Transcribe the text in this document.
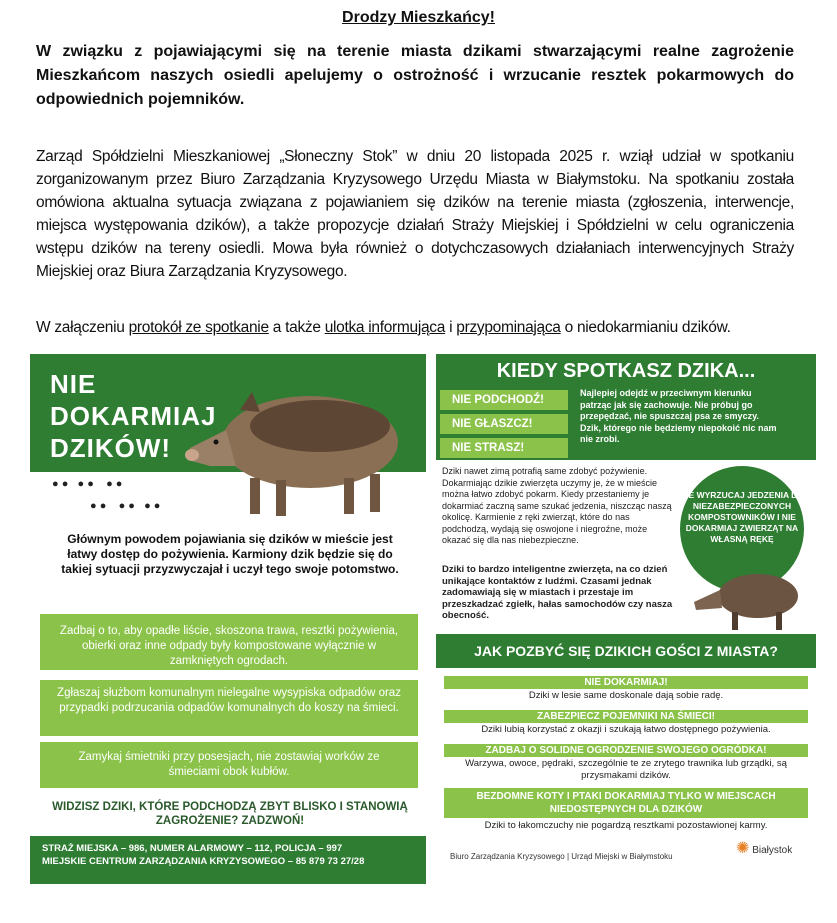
Drodzy Mieszkańcy!
W związku z pojawiającymi się na terenie miasta dzikami stwarzającymi realne zagrożenie Mieszkańcom naszych osiedli apelujemy o ostrożność i wrzucanie resztek pokarmowych do odpowiednich pojemników.
Zarząd Spółdzielni Mieszkaniowej „Słoneczny Stok” w dniu 20 listopada 2025 r. wziął udział w spotkaniu zorganizowanym przez Biuro Zarządzania Kryzysowego Urzędu Miasta w Białymstoku. Na spotkaniu została omówiona aktualna sytuacja związana z pojawianiem się dzików na terenie miasta (zgłoszenia, interwencje, miejsca występowania dzików), a także propozycje działań Straży Miejskiej i Spółdzielni w celu ograniczenia wstępu dzików na tereny osiedli. Mowa była również o dotychczasowych działaniach interwencyjnych Straży Miejskiej oraz Biura Zarządzania Kryzysowego.
W załączeniu protokół ze spotkanie a także ulotka informująca i przypominająca o niedokarmianiu dzików.
NIE
DOKARMIAJ
DZIKÓW!
● ●   ● ●    ● ●
● ●    ● ●   ● ●
Głównym powodem pojawiania się dzików w mieście jest łatwy dostęp do pożywienia. Karmiony dzik będzie się do takiej sytuacji przyzwyczajał i uczył tego swoje potomstwo.
Zadbaj o to, aby opadłe liście, skoszona trawa, resztki pożywienia, obierki oraz inne odpady były kompostowane wyłącznie w zamkniętych ogrodach.
Zgłaszaj służbom komunalnym nielegalne wysypiska odpadów oraz przypadki podrzucania odpadów komunalnych do koszy na śmieci.
Zamykaj śmietniki przy posesjach, nie zostawiaj worków ze śmieciami obok kubłów.
WIDZISZ DZIKI, KTÓRE PODCHODZĄ ZBYT BLISKO I STANOWIĄ ZAGROŻENIE? ZADZWOŃ!
STRAŻ MIEJSKA – 986, NUMER ALARMOWY – 112, POLICJA – 997
MIEJSKIE CENTRUM ZARZĄDZANIA KRYZYSOWEGO – 85 879 73 27/28
KIEDY SPOTKASZ DZIKA...
NIE PODCHODŹ!
NIE GŁASZCZ!
NIE STRASZ!
Najlepiej odejdź w przeciwnym kierunku patrząc jak się zachowuje. Nie próbuj go przepędzać, nie spuszczaj psa ze smyczy. Dzik, którego nie będziemy niepokoić nic nam nie zrobi.
Dziki nawet zimą potrafią same zdobyć pożywienie. Dokarmiając dzikie zwierzęta uczymy je, że w mieście można łatwo zdobyć pokarm. Kiedy przestaniemy je dokarmiać zaczną same szukać jedzenia, niszcząc naszą okolicę. Karmienie z ręki zwierząt, które do nas podchodzą, wydają się oswojone i niegroźne, może okazać się dla nas niebezpieczne.
Dziki to bardzo inteligentne zwierzęta, na co dzień unikające kontaktów z ludźmi. Czasami jednak zadomawiają się w miastach i przestaje im przeszkadzać zgiełk, hałas samochodów czy nasza obecność.
NIE WYRZUCAJ JEDZENIA DO NIEZABEZPIECZONYCH KOMPOSTOWNIKÓW I NIE DOKARMIAJ ZWIERZĄT NA WŁASNĄ RĘKĘ
JAK POZBYĆ SIĘ DZIKICH GOŚCI Z MIASTA?
NIE DOKARMIAJ!
Dziki w lesie same doskonale dają sobie radę.
ZABEZPIECZ POJEMNIKI NA ŚMIECI!
Dziki lubią korzystać z okazji i szukają łatwo dostępnego pożywienia.
ZADBAJ O SOLIDNE OGRODZENIE SWOJEGO OGRÓDKA!
Warzywa, owoce, pędraki, szczególnie te ze zrytego trawnika lub grządki, są przysmakami dzików.
BEZDOMNE KOTY I PTAKI DOKARMIAJ TYLKO W MIEJSCACH NIEDOSTĘPNYCH DLA DZIKÓW
Dziki to łakomczuchy nie pogardzą resztkami pozostawionej karmy.
Biuro Zarządzania Kryzysowego | Urząd Miejski w Białymstoku	✺ Białystok
